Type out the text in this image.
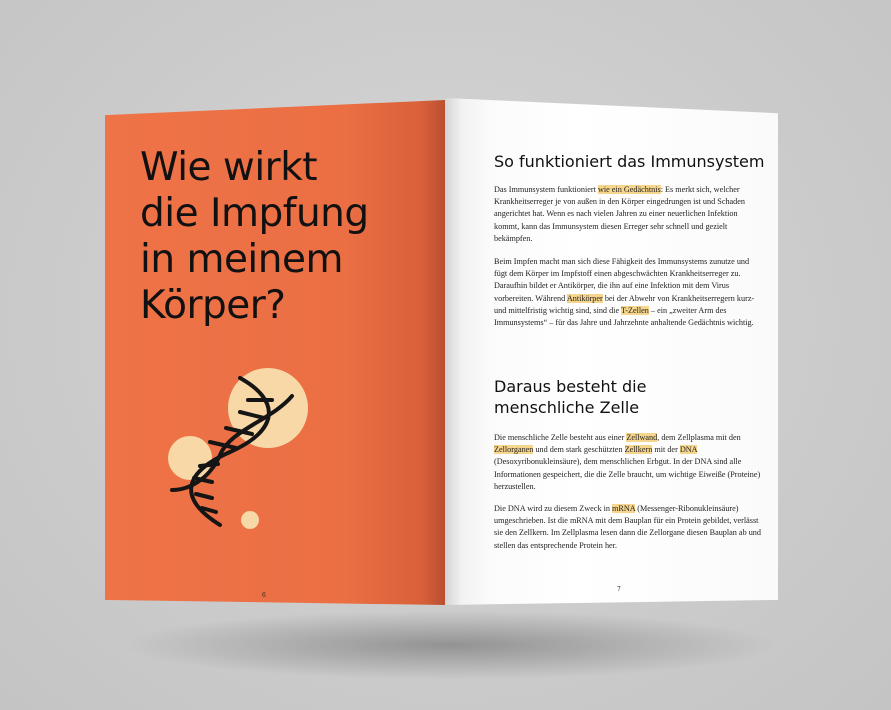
Wie wirkt
die Impfung
in meinem
Körper?
6
So funktioniert das Immunsystem

Das Immunsystem funktioniert wie ein Gedächtnis: Es merkt sich, welcher Krankheitserreger je von außen in den Körper eingedrungen ist und Schaden angerichtet hat. Wenn es nach vielen Jahren zu einer neuerlichen Infektion kommt, kann das Immunsystem diesen Erreger sehr schnell und gezielt bekämpfen.

Beim Impfen macht man sich diese Fähigkeit des Immunsystems zunutze und fügt dem Körper im Impfstoff einen abgeschwächten Krankheitserreger zu. Daraufhin bildet er Antikörper, die ihn auf eine Infektion mit dem Virus vorbereiten. Während Antikörper bei der Abwehr von Krankheitserregern kurz- und mittelfristig wichtig sind, sind die T-Zellen – ein „zweiter Arm des Immunsystems“ – für das Jahre und Jahrzehnte anhaltende Gedächtnis wichtig.

Daraus besteht die
menschliche Zelle

Die menschliche Zelle besteht aus einer Zellwand, dem Zellplasma mit den Zellorganen und dem stark geschützten Zellkern mit der DNA (Desoxyribonukleinsäure), dem menschlichen Erbgut. In der DNA sind alle Informationen gespeichert, die die Zelle braucht, um wichtige Eiweiße (Proteine) herzustellen.

Die DNA wird zu diesem Zweck in mRNA (Messenger-Ribonukleinsäure) umgeschrieben. Ist die mRNA mit dem Bauplan für ein Protein gebildet, verlässt sie den Zellkern. Im Zellplasma lesen dann die Zellorgane diesen Bauplan ab und stellen das entsprechende Protein her.

7
